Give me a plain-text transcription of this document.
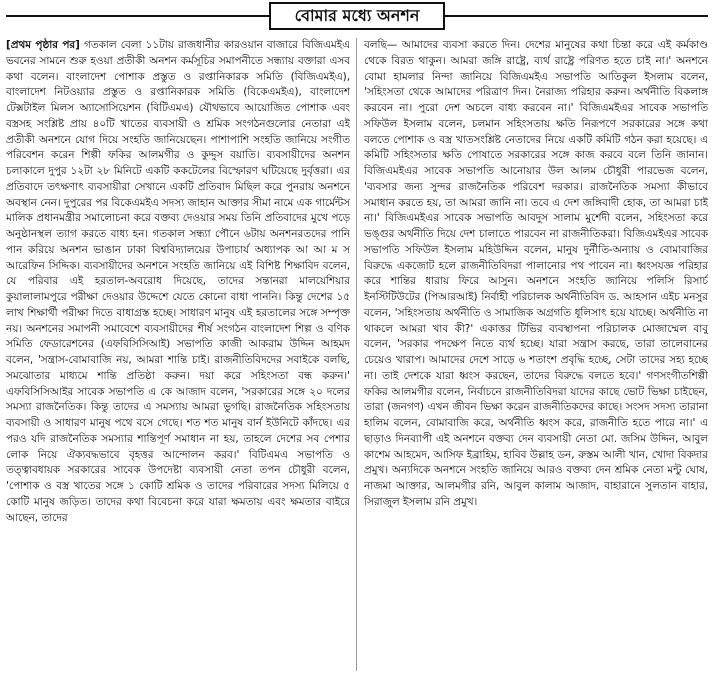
বোমার মধ্যে অনশন

[প্রথম পৃষ্ঠার পর] গতকাল বেলা ১১টায় রাজধানীর কারওয়ান বাজারে বিজিএমইএ ভবনের সামনে শুরু হওয়া প্রতীকী অনশন কর্মসূচির সমাপনীতে সন্ধ্যায় বক্তারা এসব কথা বলেন। বাংলাদেশ পোশাক প্রস্তুত ও রপ্তানিকারক সমিতি (বিজিএমইএ), বাংলাদেশ নিটওয়্যার প্রস্তুত ও রপ্তানিকারক সমিতি (বিকেএমইএ), বাংলাদেশ টেক্সটাইল মিলস অ্যাসোসিয়েশন (বিটিএমএ) যৌথভাবে আয়োজিত পোশাক এবং বস্ত্রসহ সংশ্লিষ্ট প্রায় ৪০টি খাতের ব্যবসায়ী ও শ্রমিক সংগঠনগুলোর নেতারা এই প্রতীকী অনশনে যোগ দিয়ে সংহতি জানিয়েছেন। পাশাপাশি সংহতি জানিয়ে সংগীত পরিবেশন করেন শিল্পী ফকির আলমগীর ও কুদ্দুস বয়াতি। ব্যবসায়ীদের অনশন চলাকালে দুপুর ১২টা ২৮ মিনিটে একটি ককটেলের বিস্ফোরণ ঘটিয়েছে দুর্বৃত্তরা। এর প্রতিবাদে তৎক্ষণাৎ ব্যবসায়ীরা সেখানে একটি প্রতিবাদ মিছিল করে পুনরায় অনশনে অবস্থান নেন। দুপুরের পর বিকেএমইএ সদস্য জাহান আক্তার সীমা নামে এক গার্মেন্টস মালিক প্রধানমন্ত্রীর সমালোচনা করে বক্তব্য দেওয়ার সময় তিনি প্রতিবাদের মুখে পড়ে অনুষ্ঠানস্থল ত্যাগ করতে বাধ্য হন। গতকাল সন্ধ্যা পৌনে ৬টায় অনশনরতদের পানি পান করিয়ে অনশন ভাঙান ঢাকা বিশ্ববিদ্যালয়ের উপাচার্য অধ্যাপক আ আ ম স আরেফিন সিদ্দিক। ব্যবসায়ীদের অনশনে সংহতি জানিয়ে এই বিশিষ্ট শিক্ষাবিদ বলেন, যে পরিবার এই হরতাল-অবরোধ দিয়েছে, তাদের সন্তানরা মালয়েশিয়ার কুয়ালালামপুরে পরীক্ষা দেওয়ার উদ্দেশে যেতে কোনো বাধা পাননি। কিন্তু দেশের ১৫ লাখ শিক্ষার্থী পরীক্ষা দিতে বাধাগ্রস্ত হচ্ছে। সাধারণ মানুষ এই হরতালের সঙ্গে সম্পৃক্ত নয়। অনশনের সমাপনী সমাবেশে ব্যবসায়ীদের শীর্ষ সংগঠন বাংলাদেশ শিল্প ও বণিক সমিতি ফেডারেশনের (এফবিসিসিআই) সভাপতি কাজী আকরাম উদ্দিন আহমদ বলেন, 'সন্ত্রাস-বোমাবাজি নয়, আমরা শান্তি চাই। রাজনীতিবিদদের সবাইকে বলছি, সমঝোতার মাধ্যমে শান্তি প্রতিষ্ঠা করুন। দয়া করে সহিংসতা বন্ধ করুন।' এফবিসিসিআইর সাবেক সভাপতি এ কে আজাদ বলেন, 'সরকারের সঙ্গে ২০ দলের সমস্যা রাজনৈতিক। কিন্তু তাদের এ সমস্যায় আমরা ভুগছি। রাজনৈতিক সহিংসতায় ব্যবসায়ী ও সাধারণ মানুষ পথে বসে গেছে। শত শত মানুষ বার্ন ইউনিটে কাঁদছে। এর পরও যদি রাজনৈতিক সমস্যার শান্তিপূর্ণ সমাধান না হয়, তাহলে দেশের সব পেশার লোক নিয়ে ঐক্যবদ্ধভাবে বৃহত্তর আন্দোলন করব।' বিটিএমএ সভাপতি ও তত্ত্বাবধায়ক সরকারের সাবেক উপদেষ্টা ব্যবসায়ী নেতা তপন চৌধুরী বলেন, 'পোশাক ও বস্ত্র খাতের সঙ্গে ১ কোটি শ্রমিক ও তাদের পরিবারের সদস্য মিলিয়ে ৫ কোটি মানুষ জড়িত। তাদের কথা বিবেচনা করে যারা ক্ষমতায় এবং ক্ষমতার বাইরে আছেন, তাদের

বলছি— আমাদের ব্যবসা করতে দিন। দেশের মানুষের কথা চিন্তা করে এই কর্মকাণ্ড থেকে বিরত থাকুন। আমরা জঙ্গি রাষ্ট্রে, ব্যর্থ রাষ্ট্রে পরিণত হতে চাই না।' অনশনে বোমা হামলার নিন্দা জানিয়ে বিজিএমইএ সভাপতি আতিকুল ইসলাম বলেন, 'সহিংসতা থেকে আমাদের পরিত্রাণ দিন। নৈরাজ্য পরিহার করুন। অর্থনীতি বিকলাঙ্গ করবেন না। পুরো দেশ অচলে বাধ্য করবেন না।' বিজিএমইএর সাবেক সভাপতি সফিউল ইসলাম বলেন, চলমান সহিংসতায় ক্ষতি নিরূপণে সরকারের সঙ্গে কথা বলতে পোশাক ও বস্ত্র খাতসংশ্লিষ্ট নেতাদের নিয়ে একটি কমিটি গঠন করা হয়েছে। এ কমিটি সহিংসতার ক্ষতি পোষাতে সরকারের সঙ্গে কাজ করবে বলে তিনি জানান। বিজিএমইএর সাবেক সভাপতি আনোয়ার উল আলম চৌধুরী পারভেজ বলেন, 'ব্যবসার জন্য সুন্দর রাজনৈতিক পরিবেশ দরকার। রাজনৈতিক সমস্যা কীভাবে সমাধান করতে হয়, তা আমরা জানি না। তবে এ দেশ জঙ্গিবাদী হোক, তা আমরা চাই না।' বিজিএমইএর সাবেক সভাপতি আবদুস সালাম মুর্শেদী বলেন, সহিংসতা করে ভঙ্গুর অর্থনীতি দিয়ে দেশ চালাতে পারবেন না রাজনীতিকরা। বিজিএমইএর সাবেক সভাপতি সফিউল ইসলাম মহিউদ্দিন বলেন, মানুষ দুর্নীতি-অন্যায় ও বোমাবাজির বিরুদ্ধে একজোট হলে রাজনীতিবিদরা পালানোর পথ পাবেন না। ধ্বংসযজ্ঞ পরিহার করে শান্তির ধারায় ফিরে আসুন। অনশনে সংহতি জানিয়ে পলিসি রিসার্চ ইনস্টিটিউটের (পিআরআই) নির্বাহী পরিচালক অর্থনীতিবিদ ড. আহসান এইচ মনসুর বলেন, 'সহিংসতায় অর্থনীতি ও সামাজিক অগ্রগতি ধূলিসাৎ হয়ে যাচ্ছে। অর্থনীতি না থাকলে আমরা খাব কী?' একাত্তর টিভির ব্যবস্থাপনা পরিচালক মোজাম্মেল বাবু বলেন, 'সরকার পদক্ষেপ নিতে ব্যর্থ হচ্ছে। যারা সন্ত্রাস করছে, তারা তালেবানের চেয়েও খারাপ। আমাদের দেশে সাড়ে ৬ শতাংশ প্রবৃদ্ধি হচ্ছে, সেটা তাদের সহ্য হচ্ছে না। তাই দেশকে যারা ধ্বংস করছেন, তাদের বিরুদ্ধে বলতে হবে।' গণসংগীতশিল্পী ফকির আলমগীর বলেন, নির্বাচনে রাজনীতিবিদরা যাদের কাছে ভোট ভিক্ষা চাইছেন, তারা (জনগণ) এখন জীবন ভিক্ষা করেন রাজনীতিকদের কাছে। সংসদ সদস্য তারানা হালিম বলেন, বোমাবাজি করে, অর্থনীতি ধ্বংস করে, রাজনীতি হতে পারে না।' এ ছাড়াও দিনব্যাপী এই অনশনে বক্তব্য দেন ব্যবসায়ী নেতা মো. জসিম উদ্দিন, আবুল কাশেম আহমেদ, আসিফ ইব্রাহিম, হাবিব উল্লাহ ডন, রুস্তম আলী খান, খোদা বিকদার প্রমুখ। অন্যদিকে অনশনে সংহতি জানিয়ে আরও বক্তব্য দেন শ্রমিক নেতা মন্টু ঘোষ, নাজমা আক্তার, আলমগীর রনি, আবুল কালাম আজাদ, বাহারানে সুলতান বাহার, সিরাজুল ইসলাম রনি প্রমুখ।
